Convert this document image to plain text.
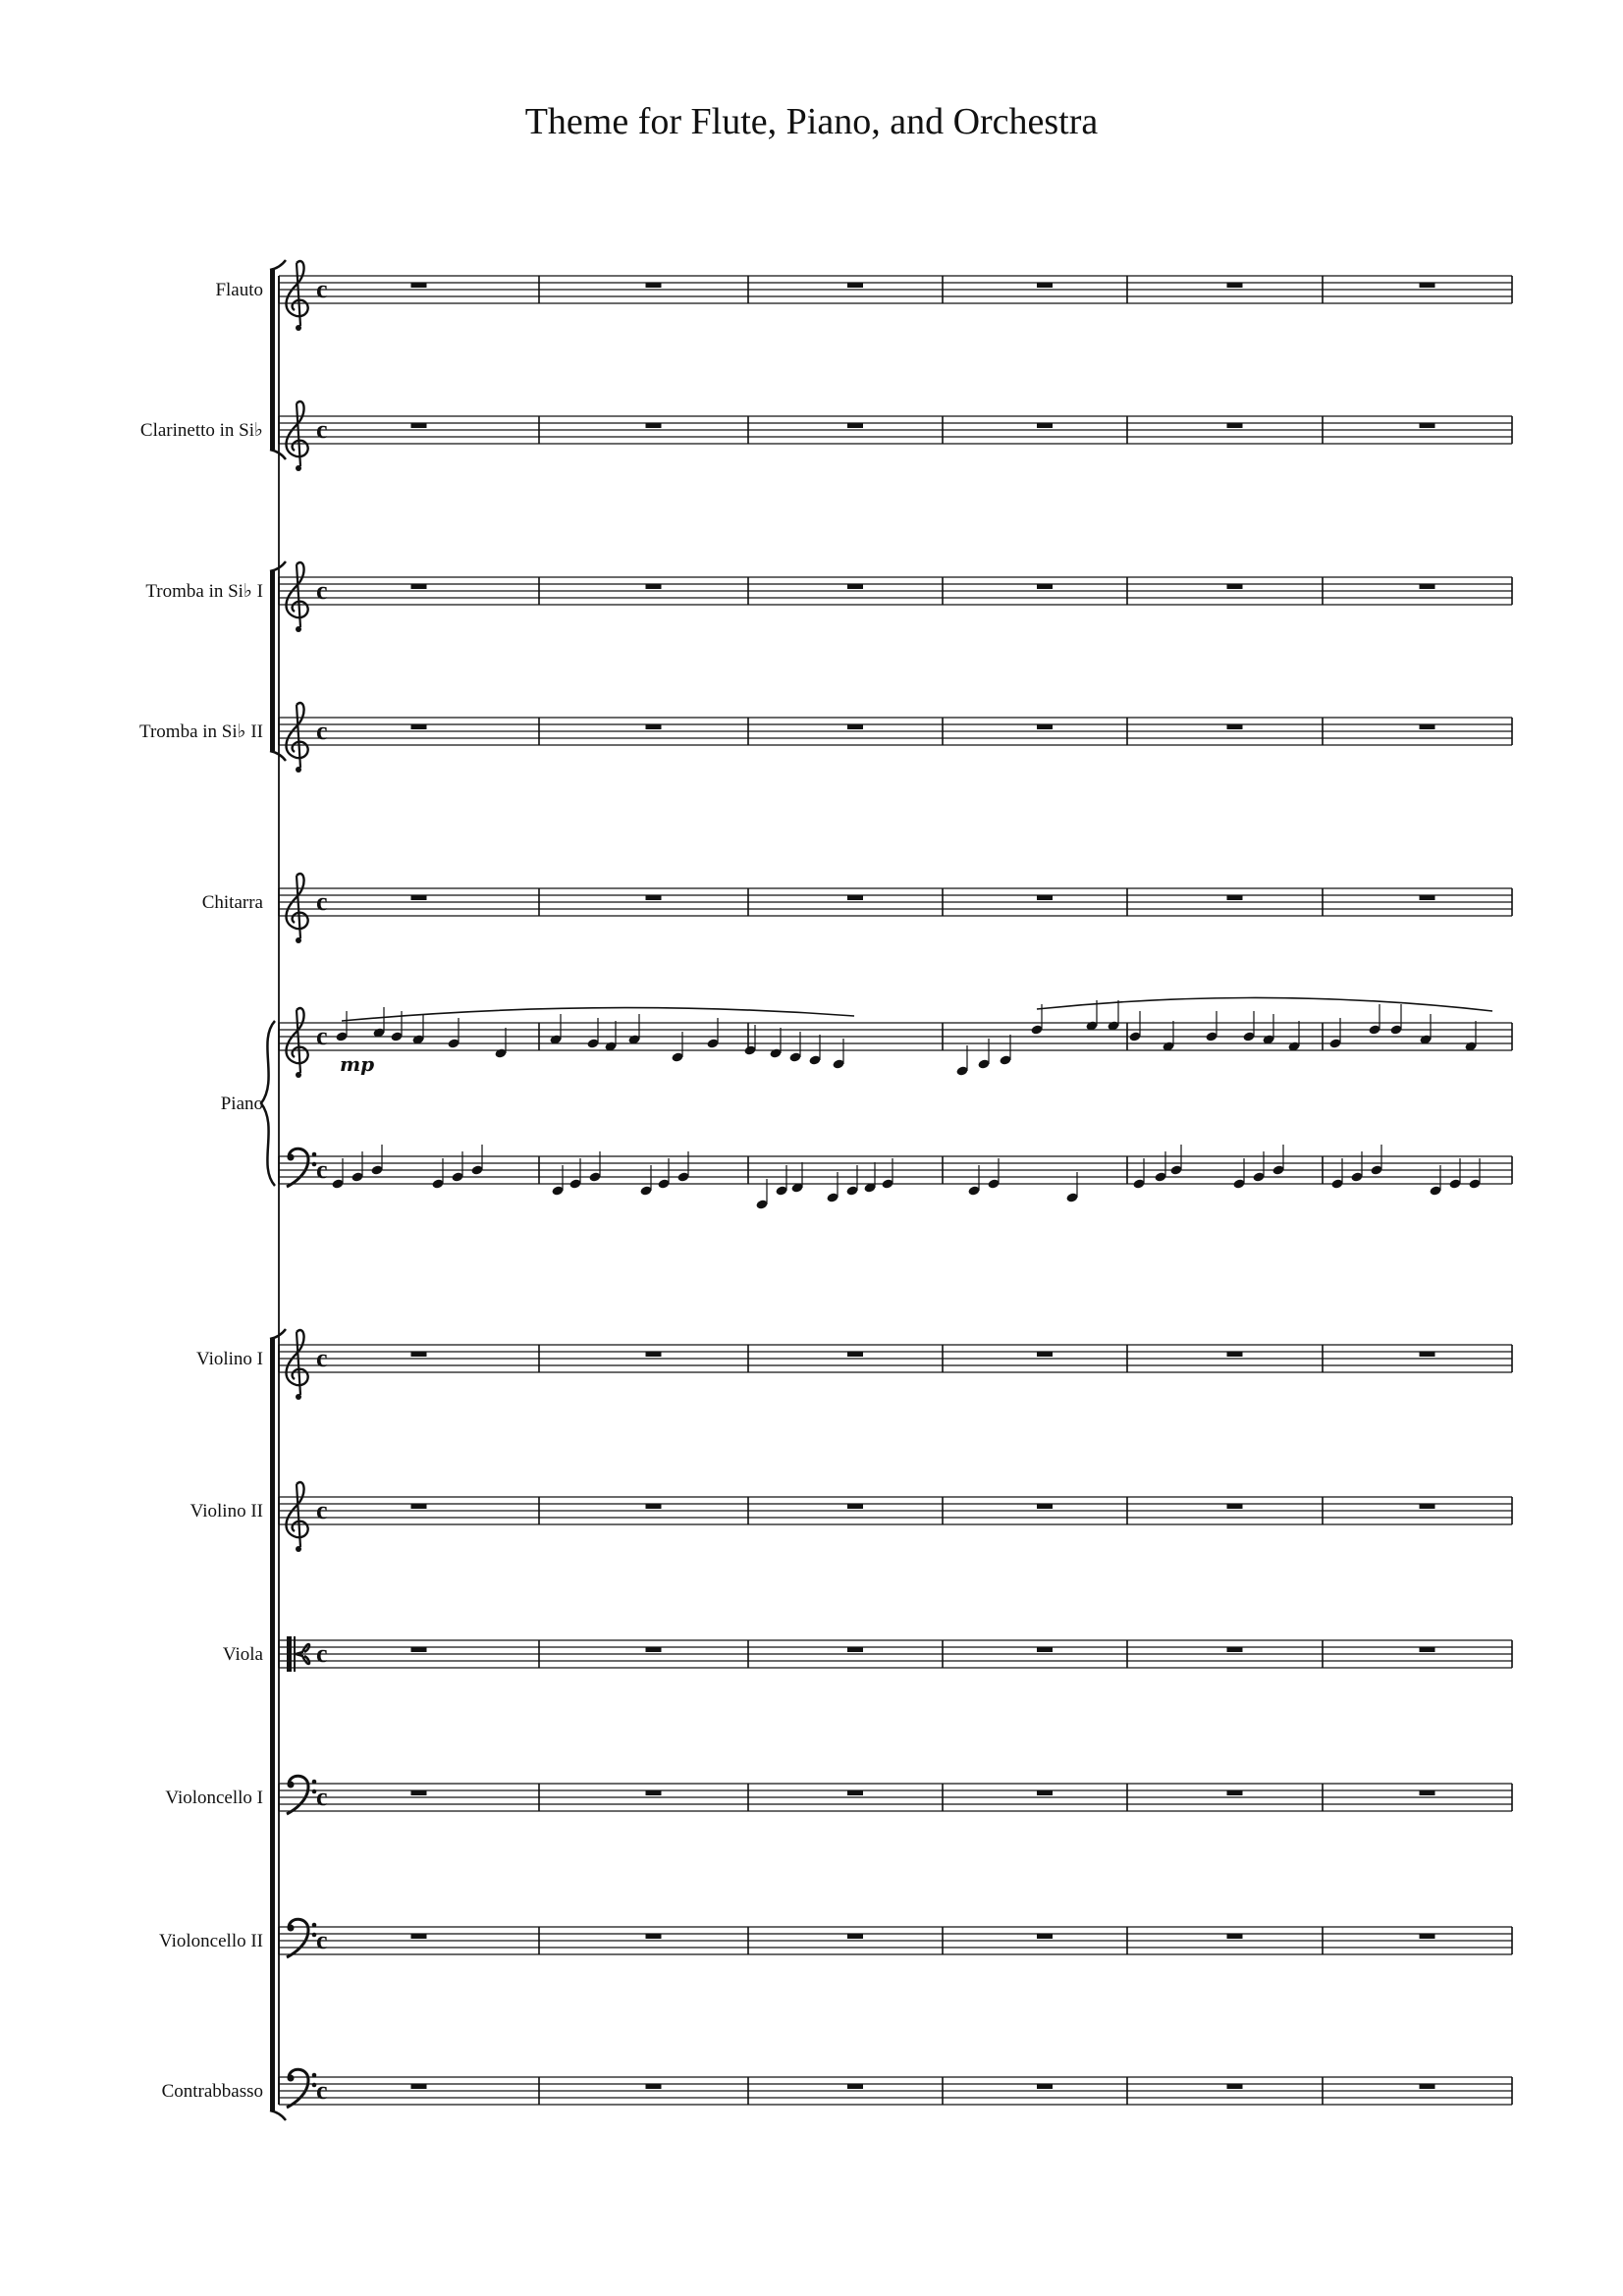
Theme for Flute, Piano, and Orchestra
c
Flauto
c
Clarinetto in Si♭
c
Tromba in Si♭ I
c
Tromba in Si♭ II
c
Chitarra
c
Violino I
c
Violino II
c
Viola
c
Violoncello I
c
Violoncello II
c
Contrabbasso
c
c
Piano
mp
